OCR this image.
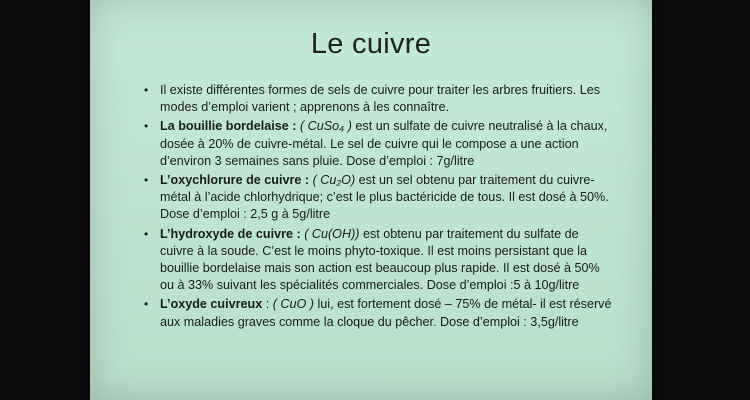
Le cuivre
• Il existe différentes formes de sels de cuivre pour traiter les arbres fruitiers. Les modes d’emploi varient ; apprenons à les connaître.
• La bouillie bordelaise : ( CuSo₄ ) est un sulfate de cuivre neutralisé à la chaux, dosée à 20% de cuivre-métal. Le sel de cuivre qui le compose a une action d’environ 3 semaines sans pluie. Dose d’emploi : 7g/litre
• L’oxychlorure de cuivre : ( Cu₂O) est un sel obtenu par traitement du cuivre-métal à l’acide chlorhydrique; c’est le plus bactéricide de tous. Il est dosé à 50%. Dose d’emploi : 2,5 g à 5g/litre
• L’hydroxyde de cuivre : ( Cu(OH)) est obtenu par traitement du sulfate de cuivre à la soude. C’est le moins phyto-toxique. Il est moins persistant que la bouillie bordelaise mais son action est beaucoup plus rapide. Il est dosé à 50% ou à 33% suivant les spécialités commerciales. Dose d’emploi :5 à 10g/litre
• L’oxyde cuivreux : ( CuO ) lui, est fortement dosé – 75% de métal- il est réservé aux maladies graves comme la cloque du pêcher. Dose d’emploi : 3,5g/litre
